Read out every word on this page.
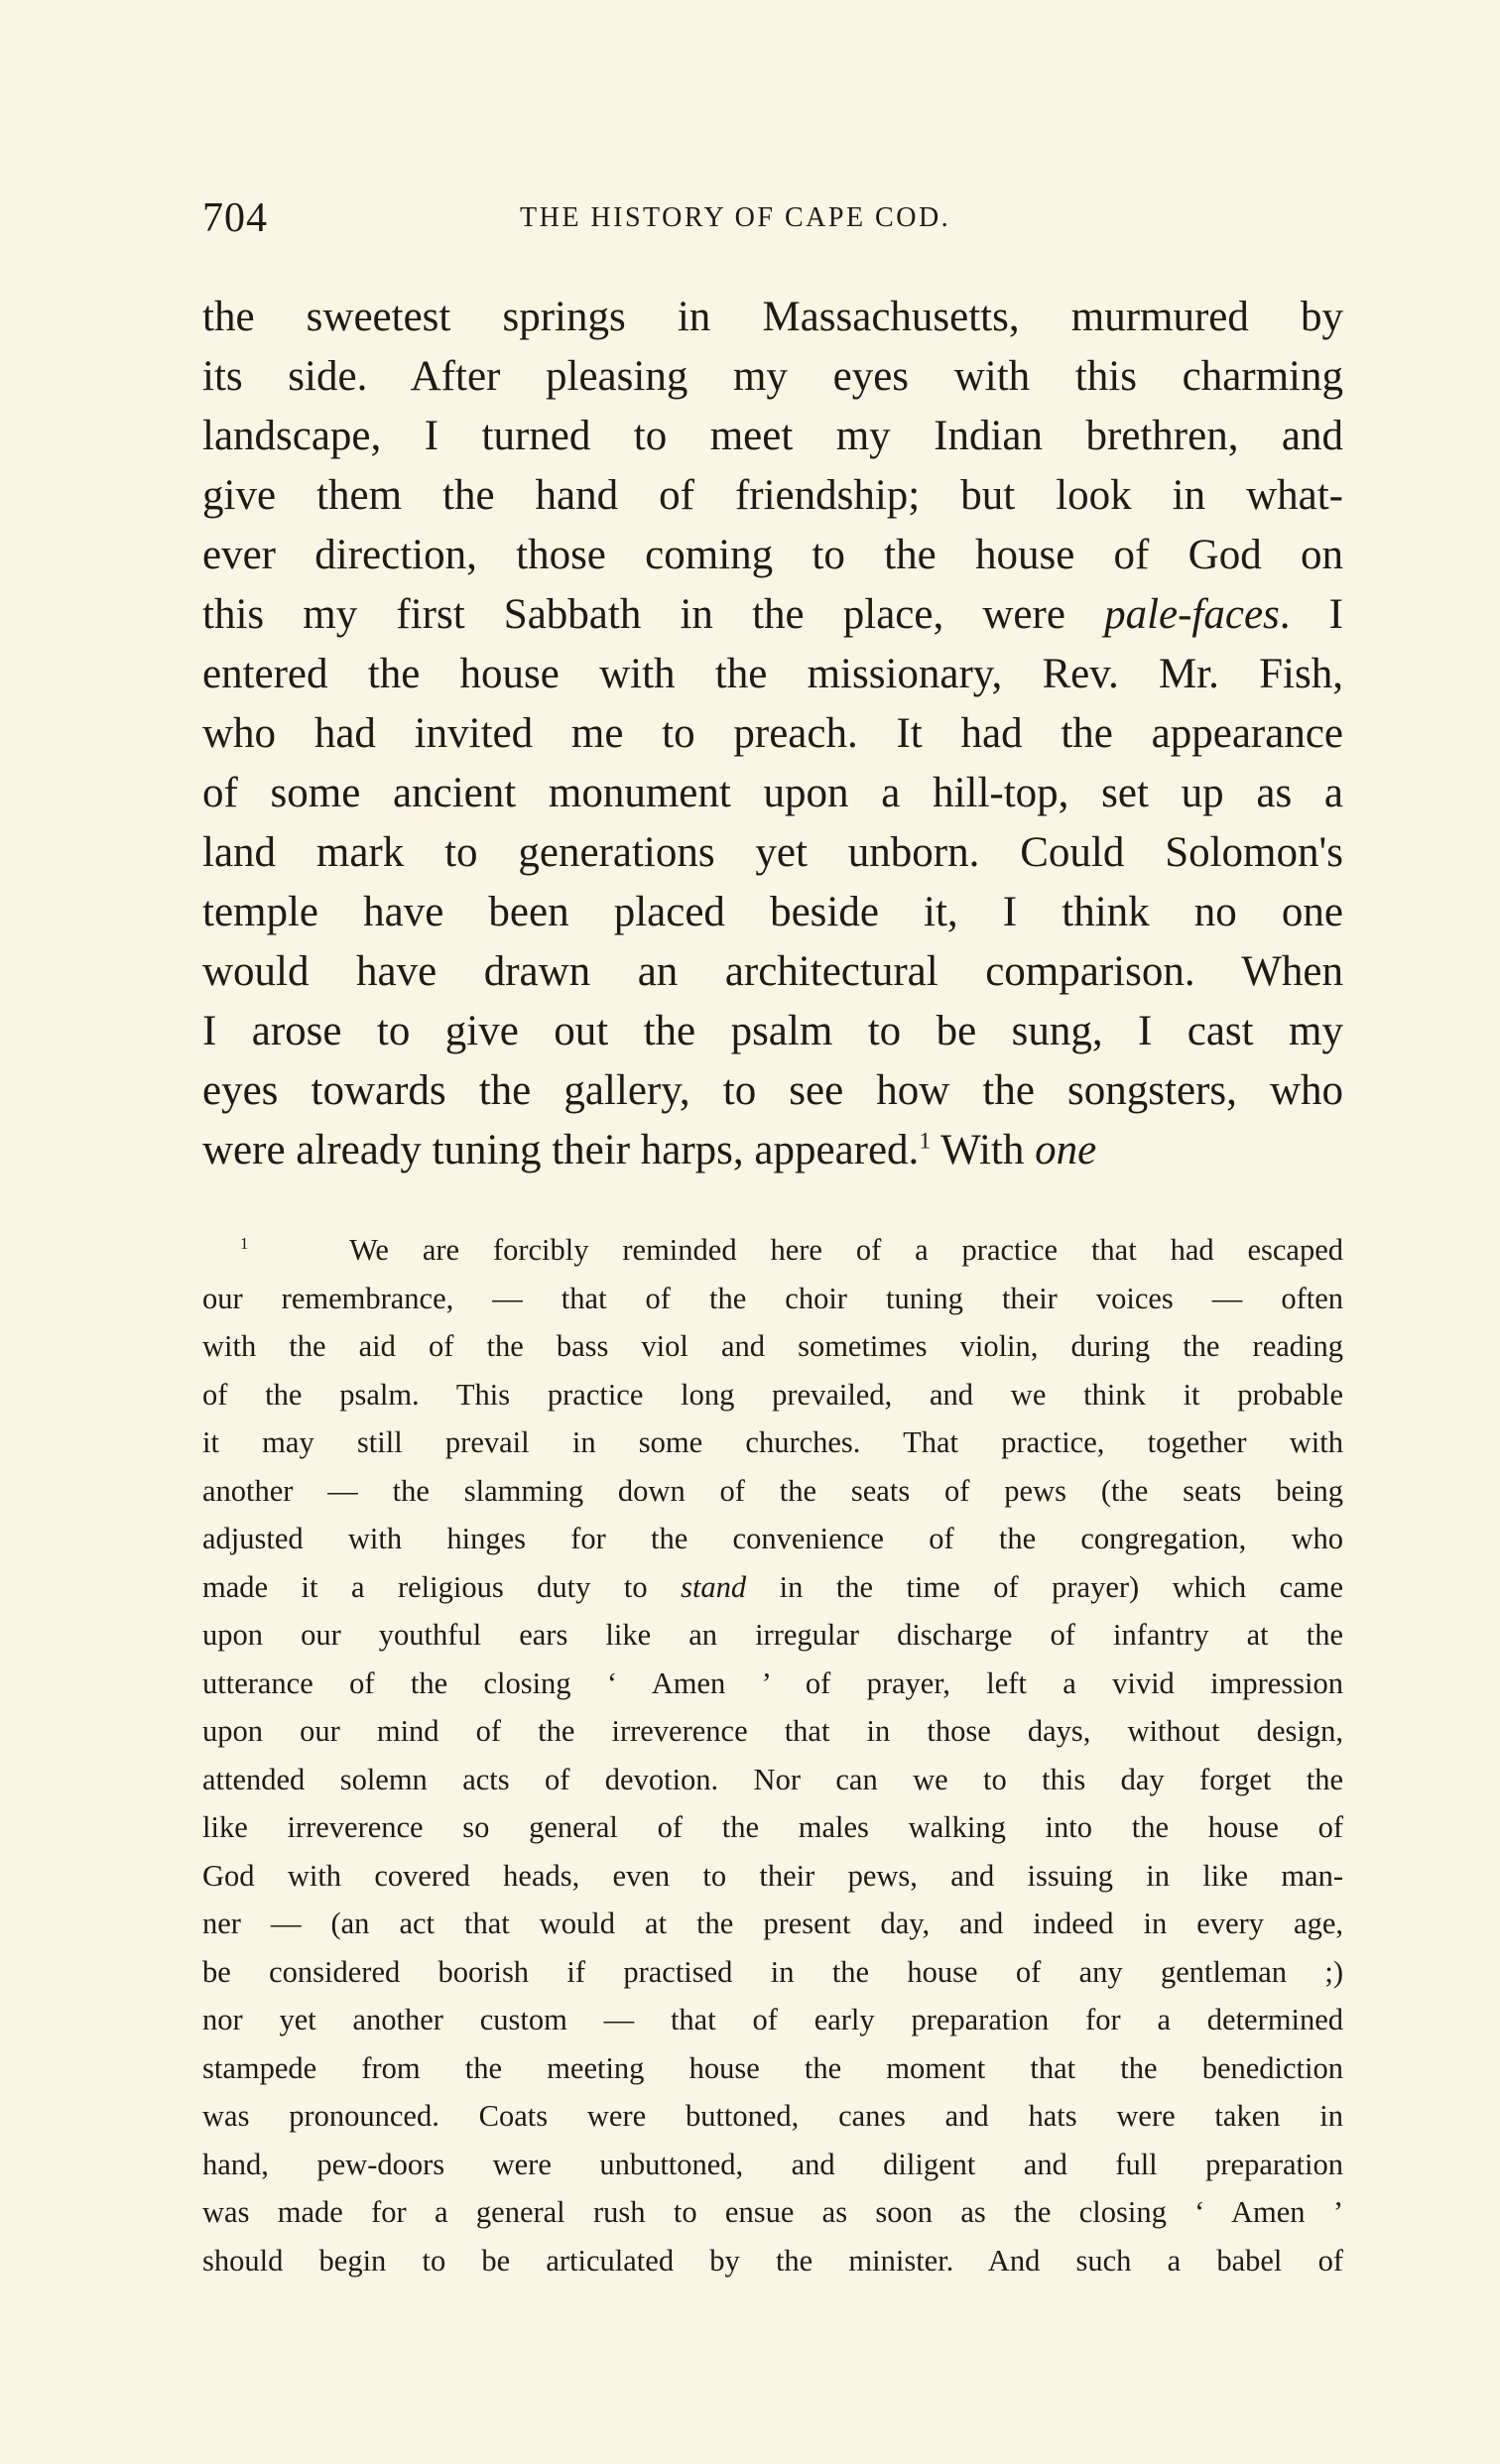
704	THE HISTORY OF CAPE COD.
the sweetest springs in Massachusetts, murmured by
its side. After pleasing my eyes with this charming
landscape, I turned to meet my Indian brethren, and
give them the hand of friendship; but look in what-
ever direction, those coming to the house of God on
this my first Sabbath in the place, were pale-faces. I
entered the house with the missionary, Rev. Mr. Fish,
who had invited me to preach. It had the appearance
of some ancient monument upon a hill-top, set up as a
land mark to generations yet unborn. Could Solomon's
temple have been placed beside it, I think no one
would have drawn an architectural comparison. When
I arose to give out the psalm to be sung, I cast my
eyes towards the gallery, to see how the songsters, who
were already tuning their harps, appeared.$^1$ With one
$^1$	We are forcibly reminded here of a practice that had escaped
our remembrance, — that of the choir tuning their voices — often
with the aid of the bass viol and sometimes violin, during the reading
of the psalm. This practice long prevailed, and we think it probable
it may still prevail in some churches. That practice, together with
another — the slamming down of the seats of pews (the seats being
adjusted with hinges for the convenience of the congregation, who
made it a religious duty to stand in the time of prayer) which came
upon our youthful ears like an irregular discharge of infantry at the
utterance of the closing ‘ Amen ’ of prayer, left a vivid impression
upon our mind of the irreverence that in those days, without design,
attended solemn acts of devotion. Nor can we to this day forget the
like irreverence so general of the males walking into the house of
God with covered heads, even to their pews, and issuing in like man-
ner — (an act that would at the present day, and indeed in every age,
be considered boorish if practised in the house of any gentleman ;)
nor yet another custom — that of early preparation for a determined
stampede from the meeting house the moment that the benediction
was pronounced. Coats were buttoned, canes and hats were taken in
hand, pew-doors were unbuttoned, and diligent and full preparation
was made for a general rush to ensue as soon as the closing ‘ Amen ’
should begin to be articulated by the minister. And such a babel of
